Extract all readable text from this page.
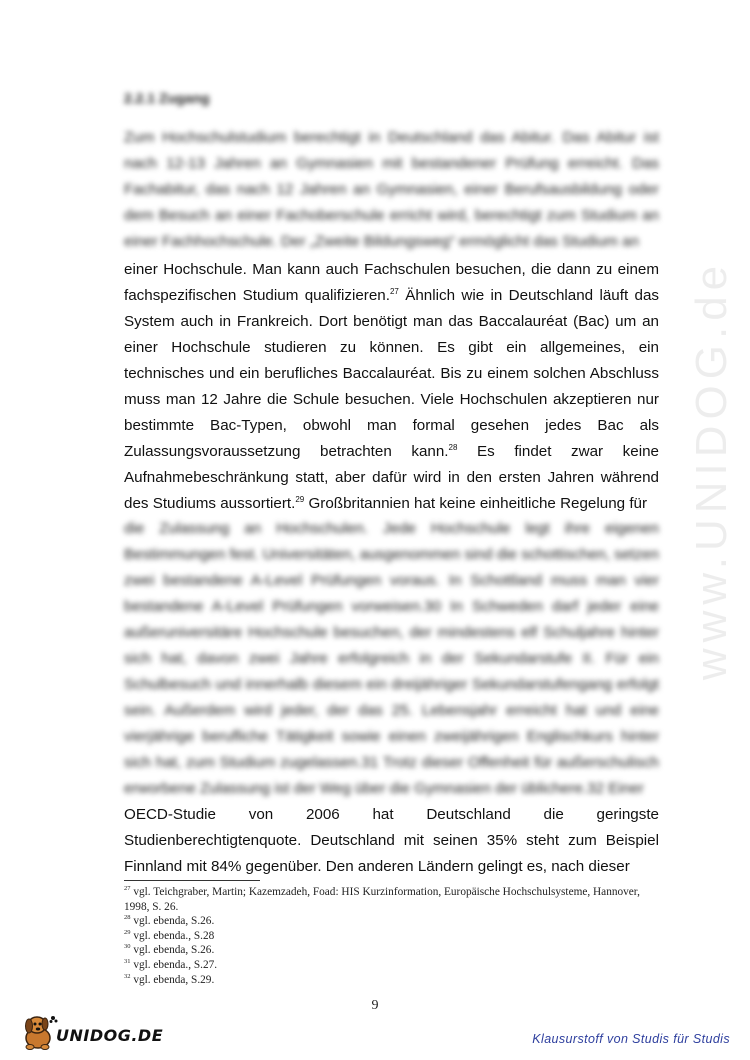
www.UNIDOG.de
2.2.1 Zugang

Zum Hochschulstudium berechtigt in Deutschland das Abitur. Das Abitur ist nach 12-13 Jahren an Gymnasien mit bestandener Prüfung erreicht. Das Fachabitur, das nach 12 Jahren an Gymnasien, einer Berufsausbildung oder dem Besuch an einer Fachoberschule erricht wird, berechtigt zum Studium an einer Fachhochschule. Der „Zweite Bildungsweg“ ermöglicht das Studium an

einer Hochschule. Man kann auch Fachschulen besuchen, die dann zu einem fachspezifischen Studium qualifizieren.$^{27}$ Ähnlich wie in Deutschland läuft das System auch in Frankreich. Dort benötigt man das Baccalauréat (Bac) um an einer Hochschule studieren zu können. Es gibt ein allgemeines, ein technisches und ein berufliches Baccalauréat. Bis zu einem solchen Abschluss muss man 12 Jahre die Schule besuchen. Viele Hochschulen akzeptieren nur bestimmte Bac-Typen, obwohl man formal gesehen jedes Bac als Zulassungsvoraussetzung betrachten kann.$^{28}$ Es findet zwar keine Aufnahmebeschränkung statt, aber dafür wird in den ersten Jahren während des Studiums aussortiert.$^{29}$ Großbritannien hat keine einheitliche Regelung für

die Zulassung an Hochschulen. Jede Hochschule legt ihre eigenen Bestimmungen fest. Universitäten, ausgenommen sind die schottischen, setzen zwei bestandene A-Level Prüfungen voraus. In Schottland muss man vier bestandene A-Level Prüfungen vorweisen.30 In Schweden darf jeder eine außeruniversitäre Hochschule besuchen, der mindestens elf Schuljahre hinter sich hat, davon zwei Jahre erfolgreich in der Sekundarstufe II. Für ein Schulbesuch und innerhalb diesem ein dreijähriger Sekundarstufengang erfolgt sein. Außerdem wird jeder, der das 25. Lebensjahr erreicht hat und eine vierjährige berufliche Tätigkeit sowie einen zweijährigen Englischkurs hinter sich hat, zum Studium zugelassen.31 Trotz dieser Offenheit für außerschulisch erworbene Zulassung ist der Weg über die Gymnasien der üblichere.32 Einer

OECD-Studie von 2006 hat Deutschland die geringste Studienberechtigtenquote. Deutschland mit seinen 35% steht zum Beispiel Finnland mit 84% gegenüber. Den anderen Ländern gelingt es, nach dieser

$^{27}$ vgl. Teichgraber, Martin; Kazemzadeh, Foad: HIS Kurzinformation, Europäische Hochschulsysteme, Hannover, 1998, S. 26.
$^{28}$ vgl. ebenda, S.26.
$^{29}$ vgl. ebenda., S.28
$^{30}$ vgl. ebenda, S.26.
$^{31}$ vgl. ebenda., S.27.
$^{32}$ vgl. ebenda, S.29.
9
UNIDOG.DE	Klausurstoff von Studis für Studis
